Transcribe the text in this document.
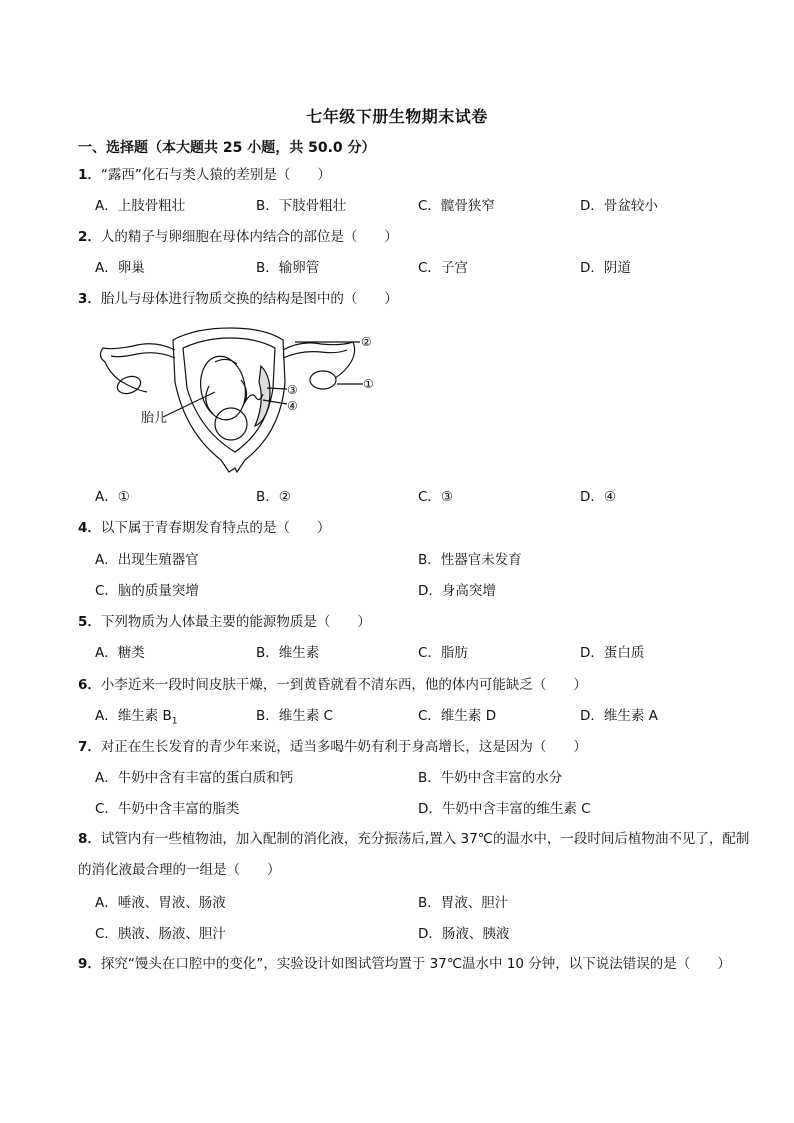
七年级下册生物期末试卷
一、选择题（本大题共 25 小题，共 50.0 分）
1．“露西”化石与类人猿的差别是（　　）
A．上肢骨粗壮	B．下肢骨粗壮	C．髋骨狭窄	D．骨盆较小
2．人的精子与卵细胞在母体内结合的部位是（　　）
A．卵巢	B．输卵管	C．子宫	D．阴道
3．胎儿与母体进行物质交换的结构是图中的（　　）
②
①
③
④
胎儿
A．①	B．②	C．③	D．④
4．以下属于青春期发育特点的是（　　）
A．出现生殖器官	B．性器官未发育
C．脑的质量突增	D．身高突增
5．下列物质为人体最主要的能源物质是（　　）
A．糖类	B．维生素	C．脂肪	D．蛋白质
6．小李近来一段时间皮肤干燥，一到黄昏就看不清东西，他的体内可能缺乏（　　）
A．维生素 $B_1$	B．维生素 C	C．维生素 D	D．维生素 A
7．对正在生长发育的青少年来说，适当多喝牛奶有利于身高增长，这是因为（　　）
A．牛奶中含有丰富的蛋白质和钙	B．牛奶中含丰富的水分
C．牛奶中含丰富的脂类	D．牛奶中含丰富的维生素 C
8．试管内有一些植物油，加入配制的消化液，充分振荡后,置入 37℃的温水中，一段时间后植物油不见了，配制的消化液最合理的一组是（　　）
A．唾液、胃液、肠液	B．胃液、胆汁
C．胰液、肠液、胆汁	D．肠液、胰液
9．探究“馒头在口腔中的变化”，实验设计如图试管均置于 37℃温水中 10 分钟，以下说法错误的是（　　）
